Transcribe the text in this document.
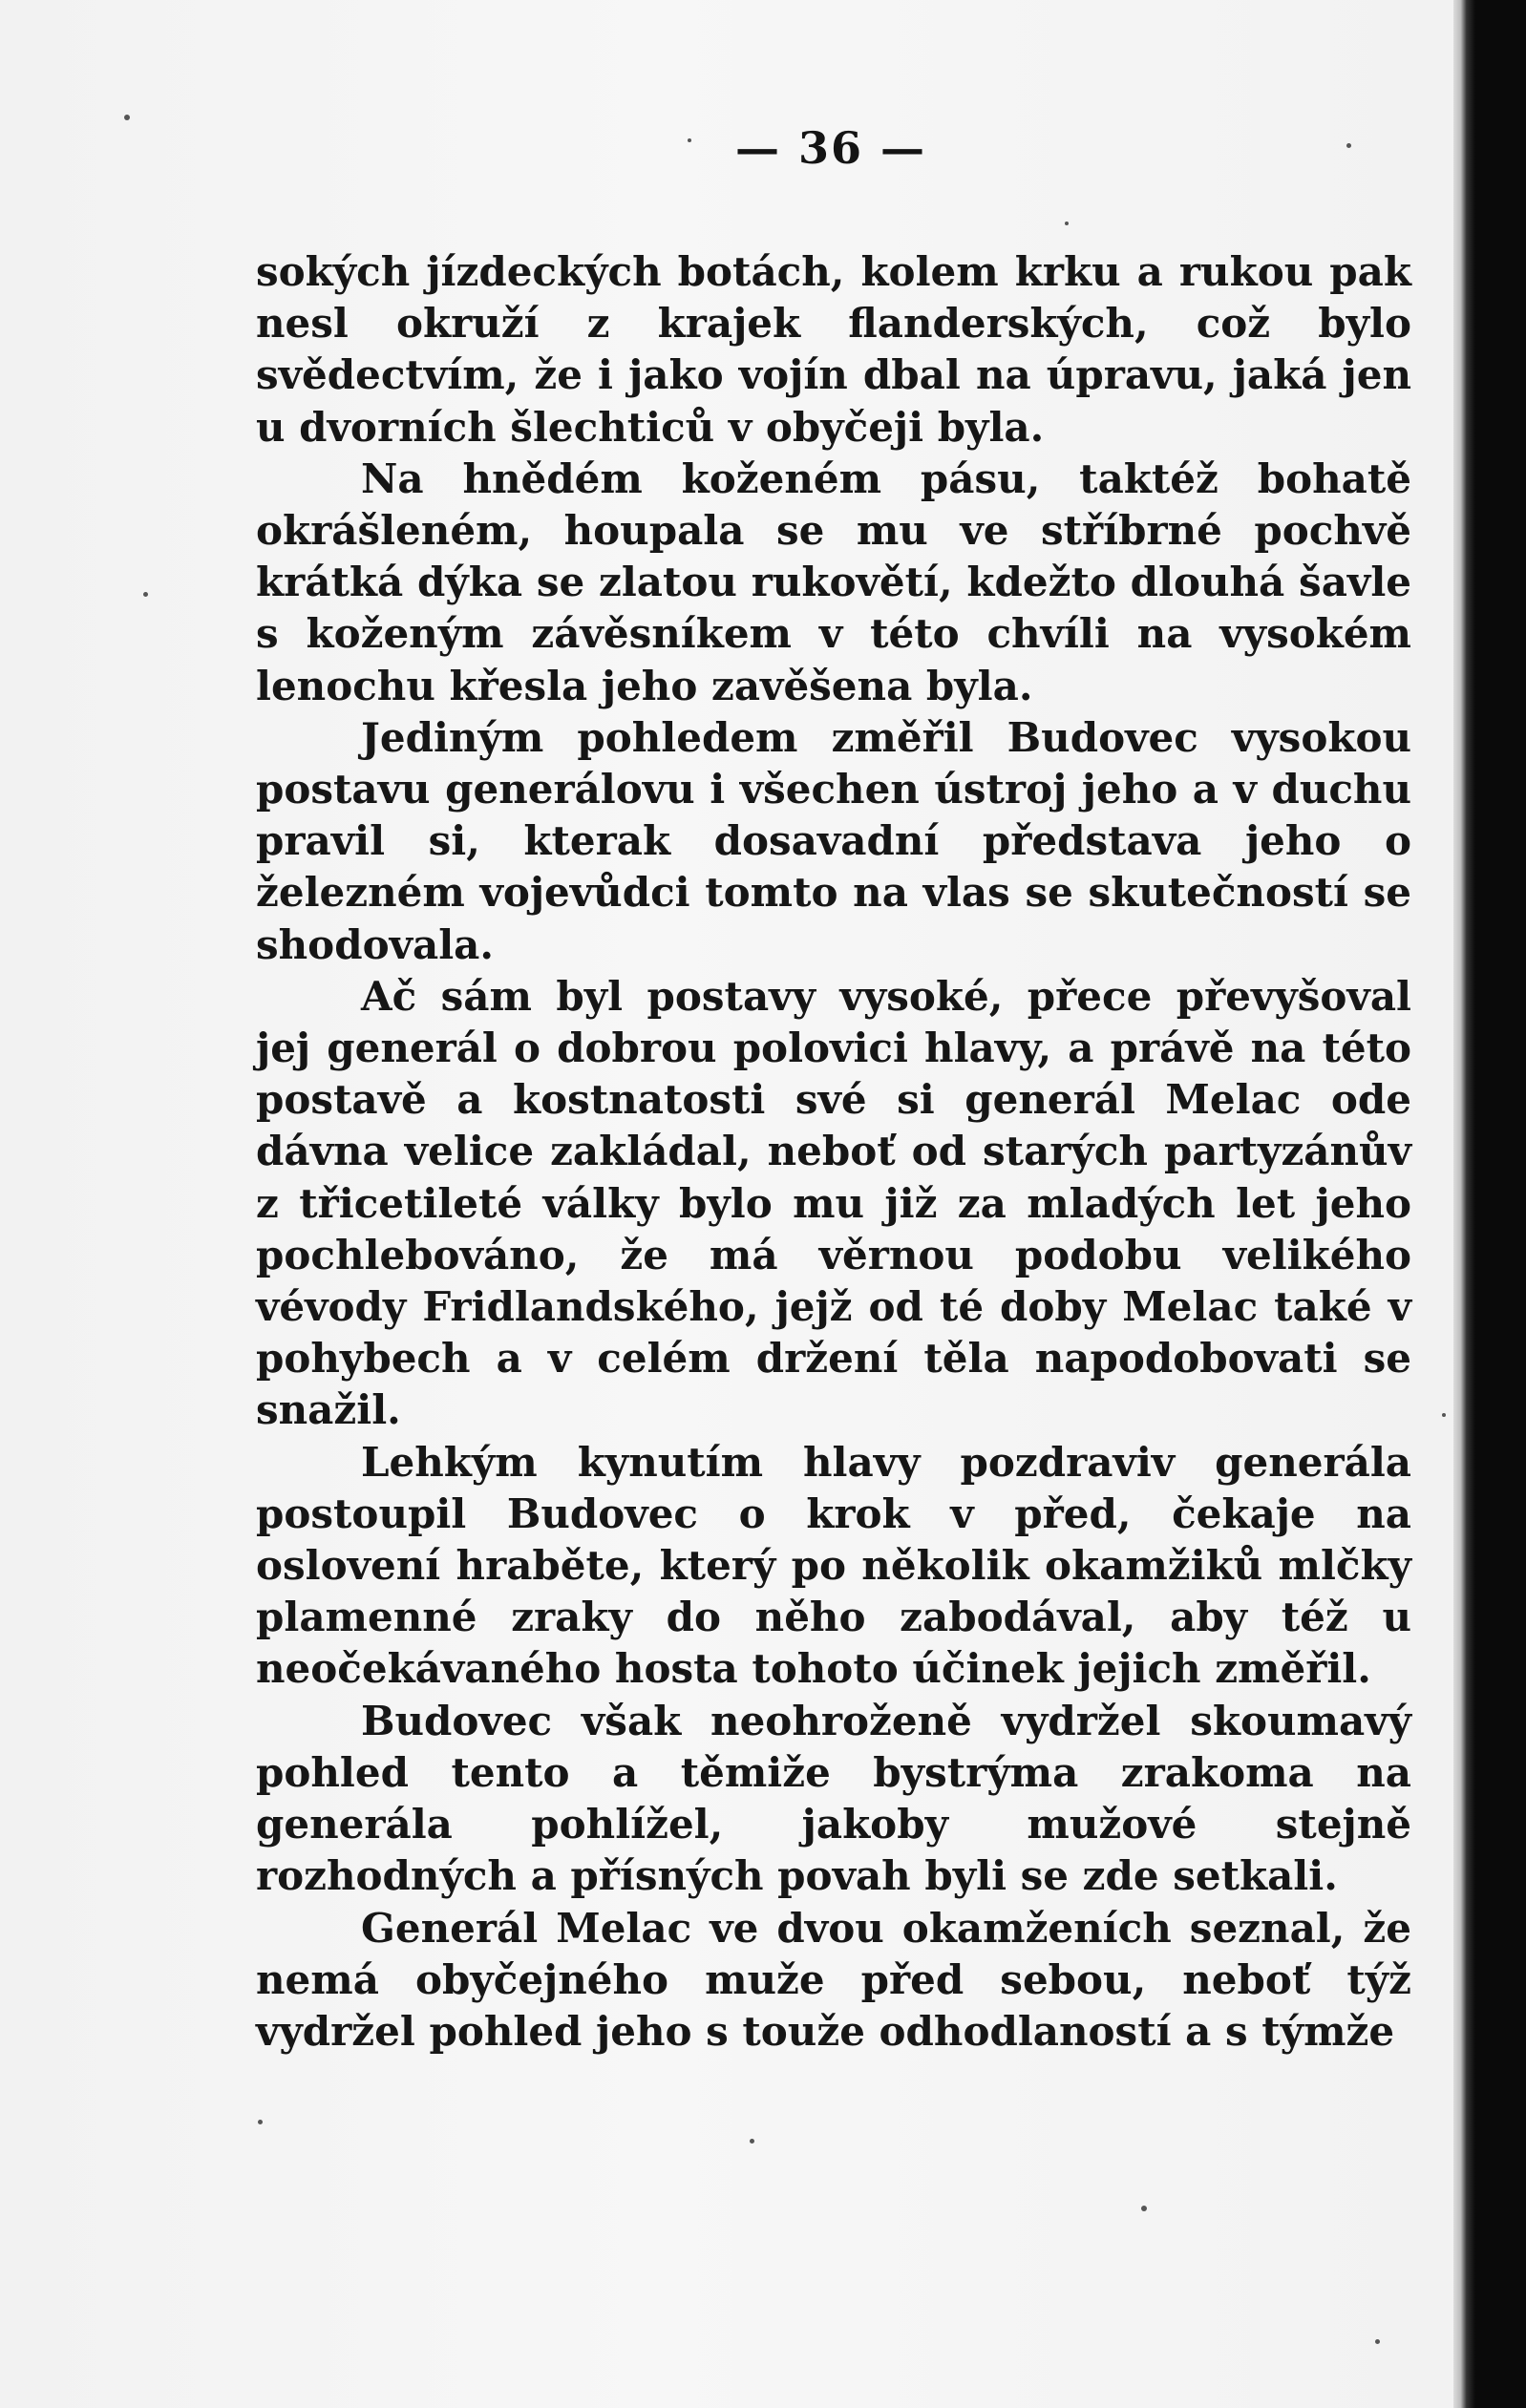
— 36 —

sokých jízdeckých botách, kolem krku a rukou pak nesl okruží z krajek flanderských, což bylo svědectvím, že i jako vojín dbal na úpravu, jaká jen u dvorních šlechticů v obyčeji byla.

Na hnědém koženém pásu, taktéž bohatě okrášleném, houpala se mu ve stříbrné pochvě krátká dýka se zlatou rukovětí, kdežto dlouhá šavle s koženým závěsníkem v této chvíli na vysokém lenochu křesla jeho zavěšena byla.

Jediným pohledem změřil Budovec vysokou postavu generálovu i všechen ústroj jeho a v duchu pravil si, kterak dosavadní představa jeho o železném vojevůdci tomto na vlas se skutečností se shodovala.

Ač sám byl postavy vysoké, přece převyšoval jej generál o dobrou polovici hlavy, a právě na této postavě a kostnatosti své si generál Melac ode dávna velice zakládal, neboť od starých partyzánův z třicetileté války bylo mu již za mladých let jeho pochlebováno, že má věrnou podobu velikého vévody Fridlandského, jejž od té doby Melac také v pohybech a v celém držení těla napodobovati se snažil.

Lehkým kynutím hlavy pozdraviv generála postoupil Budovec o krok v před, čekaje na oslovení hraběte, který po několik okamžiků mlčky plamenné zraky do něho zabodával, aby též u neočekávaného hosta tohoto účinek jejich změřil.

Budovec však neohroženě vydržel skoumavý pohled tento a těmiže bystrýma zrakoma na generála pohlížel, jakoby mužové stejně rozhodných a přísných povah byli se zde setkali.

Generál Melac ve dvou okamženích seznal, že nemá obyčejného muže před sebou, neboť týž vydržel pohled jeho s touže odhodlaností a s týmže
